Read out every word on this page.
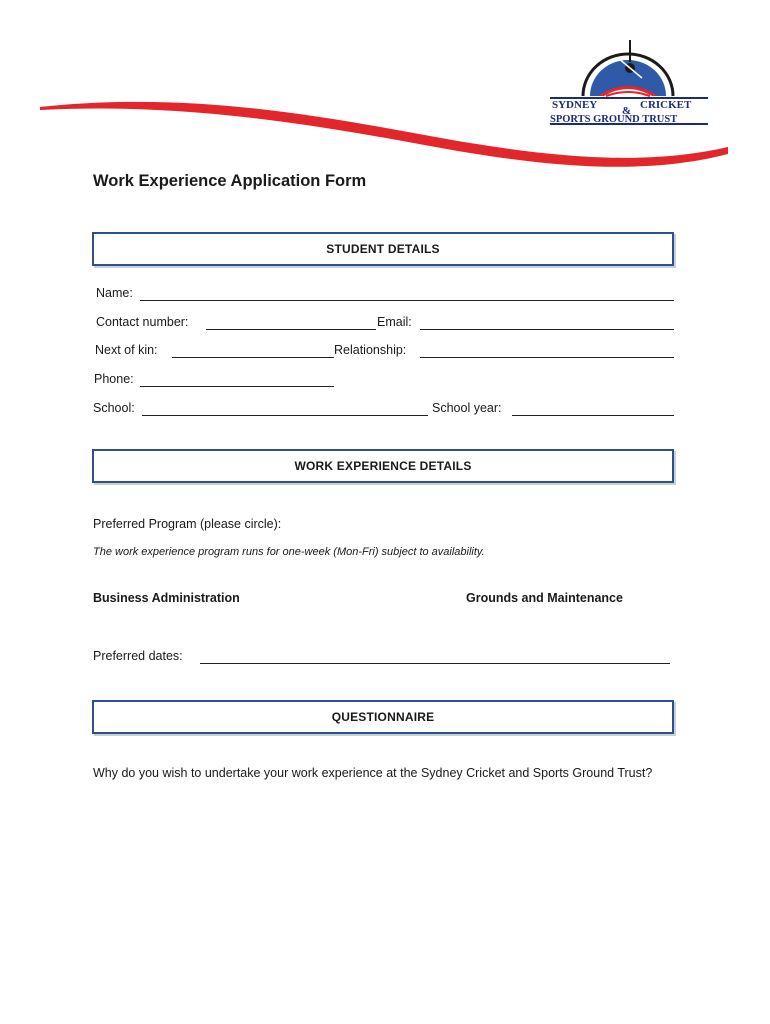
SYDNEY & CRICKET
SPORTS GROUND TRUST
Work Experience Application Form
STUDENT DETAILS
Name:
Contact number:	Email:
Next of kin:	Relationship:
Phone:
School:	School year:
WORK EXPERIENCE DETAILS
Preferred Program (please circle):
The work experience program runs for one-week (Mon-Fri) subject to availability.
Business Administration	Grounds and Maintenance
Preferred dates:
QUESTIONNAIRE
Why do you wish to undertake your work experience at the Sydney Cricket and Sports Ground Trust?
